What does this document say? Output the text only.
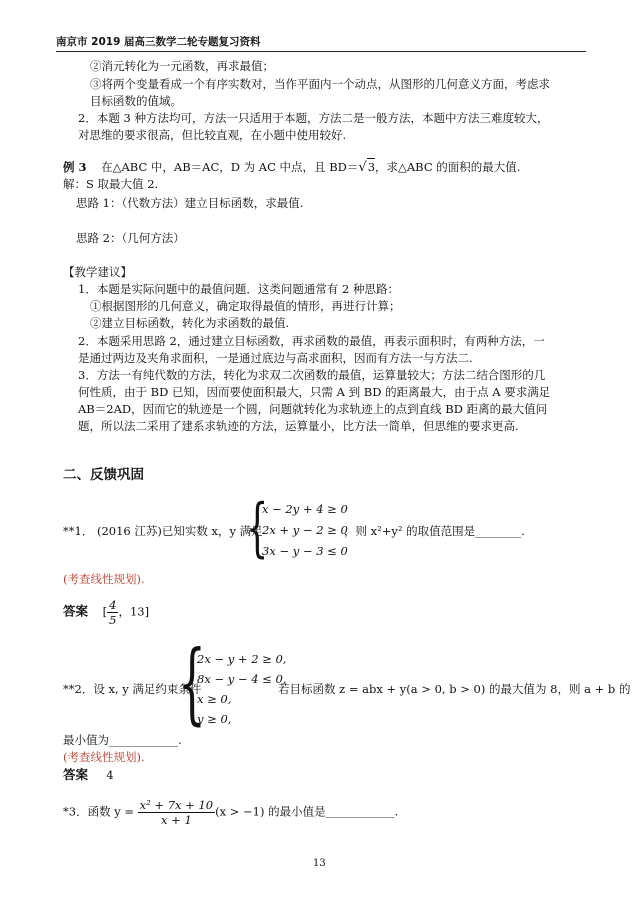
南京市 2019 届高三数学二轮专题复习资料
②消元转化为一元函数，再求最值；
③将两个变量看成一个有序实数对，当作平面内一个动点，从图形的几何意义方面，考虑求目标函数的值域。
2．本题 3 种方法均可，方法一只适用于本题，方法二是一般方法，本题中方法三难度较大，对思维的要求很高，但比较直观，在小题中使用较好.
例 3 在△ABC 中，AB＝AC，D 为 AC 中点，且 BD＝√3，求△ABC 的面积的最大值.
解：S 取最大值 2.
思路 1：（代数方法）建立目标函数，求最值.
思路 2：（几何方法）
【教学建议】
1．本题是实际问题中的最值问题．这类问题通常有 2 种思路：
①根据图形的几何意义，确定取得最值的情形，再进行计算；
②建立目标函数，转化为求函数的最值.
2．本题采用思路 2，通过建立目标函数，再求函数的最值，再表示面积时，有两种方法，一是通过两边及夹角求面积，一是通过底边与高求面积，因而有方法一与方法二.
3．方法一有纯代数的方法，转化为求双二次函数的最值，运算量较大；方法二结合图形的几何性质，由于 BD 已知，因而要使面积最大，只需 A 到 BD 的距离最大，由于点 A 要求满足 AB＝2AD，因而它的轨迹是一个圆，问题就转化为求轨迹上的点到直线 BD 距离的最大值问题，所以法二采用了建系求轨迹的方法，运算量小，比方法一简单，但思维的要求更高.
二、反馈巩固
**1． (2016 江苏)已知实数 x，y 满足
{
x − 2y + 4 ≥ 0
2x + y − 2 ≥ 0
3x − y − 3 ≤ 0
，则 x²+y² 的取值范围是________.
(考查线性规划).
答案 [ $\frac{4}{5}$ ，13]
{
2x − y + 2 ≥ 0,
8x − y − 4 ≤ 0,
x ≥ 0,
y ≥ 0,
**2．设 x, y 满足约束条件	若目标函数 z = abx + y(a > 0, b > 0) 的最大值为 8，则 a + b 的
最小值为____________.
(考查线性规划).
答案 4
*3．函数 $y = \frac{\text{x² + 7x + 10}}{x + 1} (x > -1)$ 的最小值是____________.
13
